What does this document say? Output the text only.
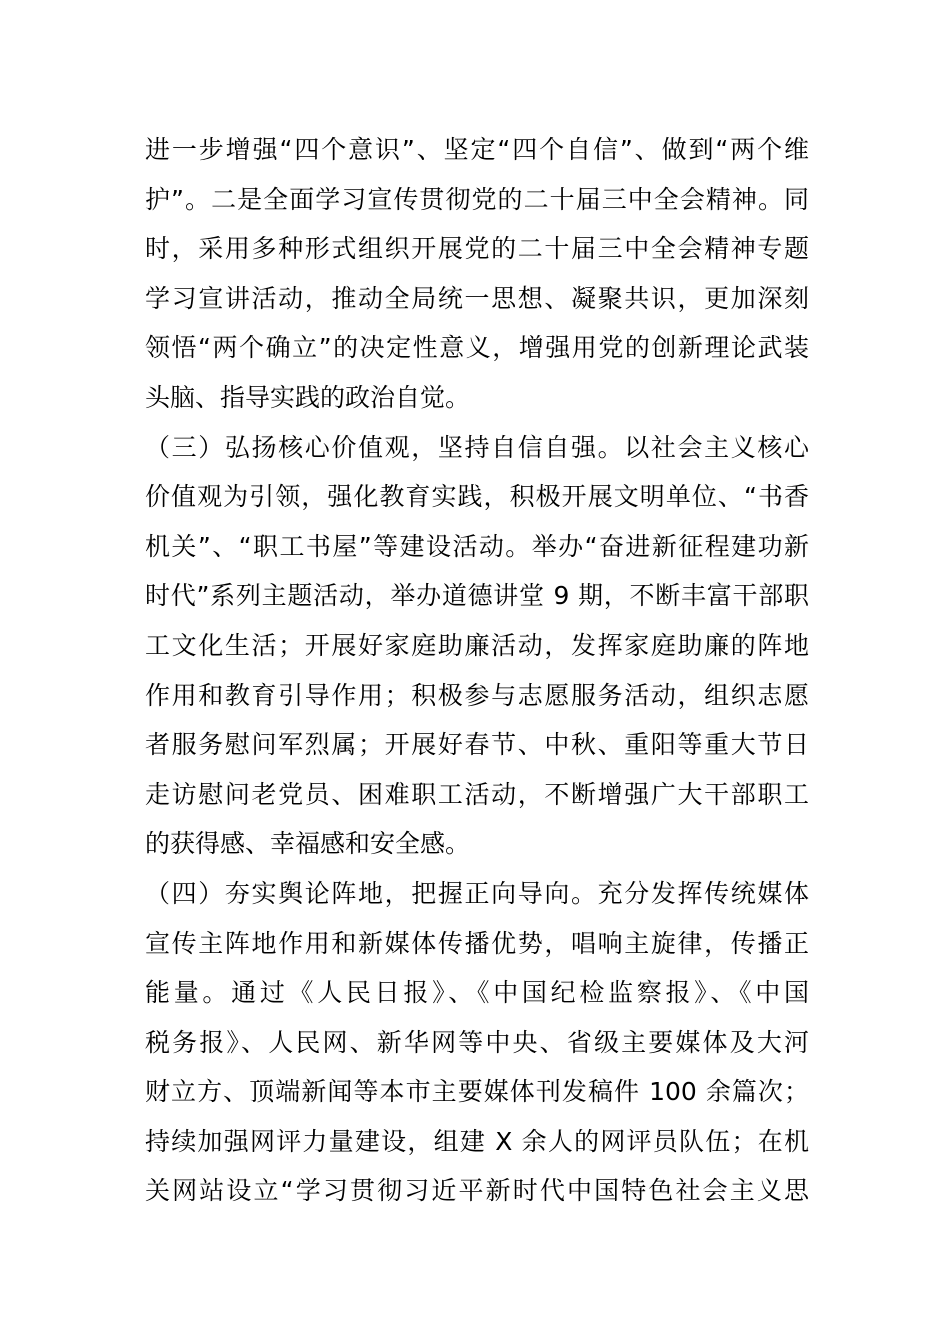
进一步增强“四个意识”、坚定“四个自信”、做到“两个维
护”。二是全面学习宣传贯彻党的二十届三中全会精神。同
时，采用多种形式组织开展党的二十届三中全会精神专题
学习宣讲活动，推动全局统一思想、凝聚共识，更加深刻
领悟“两个确立”的决定性意义，增强用党的创新理论武装
头脑、指导实践的政治自觉。
（三）弘扬核心价值观，坚持自信自强。以社会主义核心
价值观为引领，强化教育实践，积极开展文明单位、“书香
机关”、“职工书屋”等建设活动。举办“奋进新征程建功新
时代”系列主题活动，举办道德讲堂 9 期，不断丰富干部职
工文化生活；开展好家庭助廉活动，发挥家庭助廉的阵地
作用和教育引导作用；积极参与志愿服务活动，组织志愿
者服务慰问军烈属；开展好春节、中秋、重阳等重大节日
走访慰问老党员、困难职工活动，不断增强广大干部职工
的获得感、幸福感和安全感。
（四）夯实舆论阵地，把握正向导向。充分发挥传统媒体
宣传主阵地作用和新媒体传播优势，唱响主旋律，传播正
能量。通过《人民日报》、《中国纪检监察报》、《中国
税务报》、人民网、新华网等中央、省级主要媒体及大河
财立方、顶端新闻等本市主要媒体刊发稿件 100 余篇次；
持续加强网评力量建设，组建 X 余人的网评员队伍；在机
关网站设立“学习贯彻习近平新时代中国特色社会主义思
